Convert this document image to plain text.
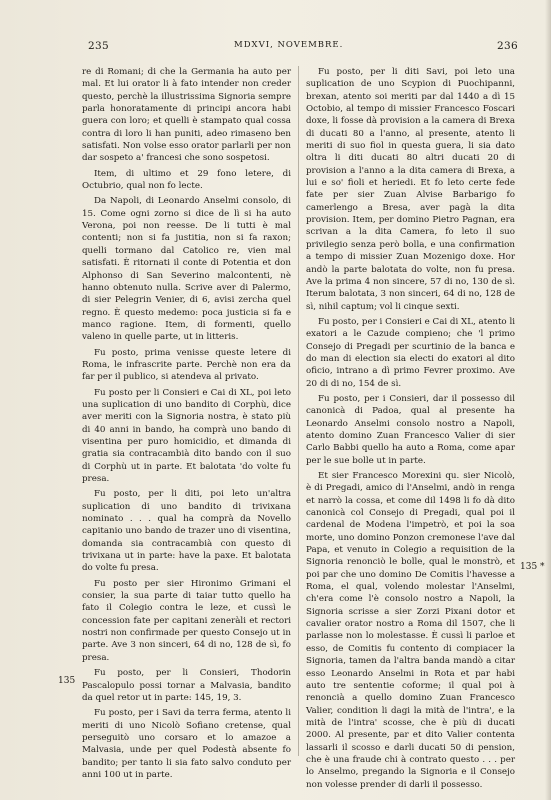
235	MDXVI, NOVEMBRE.	236

re di Romani; di che la Germania ha auto per mal. Et lui orator li à fato intender non creder questo, perchè la illustrissima Signoria sempre parla honoratamente di principi ancora habi guera con loro; et quelli è stampato qual cossa contra di loro li han puniti, adeo rimaseno ben satisfati. Non volse esso orator parlarli per non dar sospeto a' francesi che sono sospetosi.

Item, di ultimo et 29 fono letere, di Octubrio, qual non fo lecte.

Da Napoli, di Leonardo Anselmi consolo, di 15. Come ogni zorno si dice de lì si ha auto Verona, poi non reesse. De li tutti è mal contenti; non si fa justitia, non si fa raxon; quelli tormano dal Catolico re, vien mal satisfati. È ritornati il conte di Potentia et don Alphonso di San Severino malcontenti, nè hanno obtenuto nulla. Scrive aver di Palermo, di sier Pelegrin Venier, di 6, avisi zercha quel regno. È questo medemo: poca justicia si fa e manco ragione. Item, di formenti, quello valeno in quelle parte, ut in litteris.

Fu posto, prima venisse queste letere di Roma, le infrascrite parte. Perchè non era da far per il publico, si atendeva al privato.

Fu posto per li Consieri e Cai di XL, poi leto una suplication di uno bandito di Corphù, dice aver meriti con la Signoria nostra, è stato più di 40 anni in bando, ha comprà uno bando di visentina per puro homicidio, et dimanda di gratia sia contracambià dito bando con il suo di Corphù ut in parte. Et balotata 'do volte fu presa.

Fu posto, per li diti, poi leto un'altra suplication di uno bandito di trivixana nominato . . . qual ha comprà da Novello capitanio uno bando de trazer uno di visentina, domanda sia contracambià con questo di trivixana ut in parte: have la paxe. Et balotata do volte fu presa.

Fu posto per sier Hironimo Grimani el consier, la sua parte di taiar tutto quello ha fato il Colegio contra le leze, et cussì le concession fate per capitani zeneràli et rectori nostri non confirmade per questo Consejo ut in parte. Ave 3 non sinceri, 64 di no, 128 de sì, fo presa.

Fu posto, per li Consieri, Thodorin Pascalopulo possi tornar a Malvasia, bandito da quel retor ut in parte: 145, 19, 3.

Fu posto, per i Savi da terra ferma, atento li meriti di uno Nicolò Sofiano cretense, qual perseguitò uno corsaro et lo amazoe a Malvasia, unde per quel Podestà absente fo bandito; per tanto li sia fato salvo conduto per anni 100 ut in parte.

Fu posto, per li diti Savi, poi leto una suplication de uno Scypion di Puochipanni, brexan, atento soi meriti par dal 1440 a dì 15 Octobio, al tempo di missier Francesco Foscari doxe, li fosse dà provision a la camera di Brexa di ducati 80 a l'anno, al presente, atento li meriti di suo fiol in questa guera, li sia dato oltra li diti ducati 80 altri ducati 20 di provision a l'anno a la dita camera di Brexa, a lui e so' fioli et heriedi. Et fo leto certe fede fate per sier Zuan Alvise Barbarigo fo camerlengo a Bresa, aver pagà la dita provision. Item, per domino Pietro Pagnan, era scrivan a la dita Camera, fo leto il suo privilegio senza però bolla, e una confirmation a tempo di missier Zuan Mozenigo doxe. Hor andò la parte balotata do volte, non fu presa. Ave la prima 4 non sincere, 57 di no, 130 de sì. Iterum balotata, 3 non sinceri, 64 di no, 128 de sì, nihil captum; vol li cinque sexti.

Fu posto, per i Consieri e Cai di XL, atento li exatori a le Cazude compieno; che 'l primo Consejo di Pregadi per scurtinio de la banca e do man di election sia electi do exatori al dito oficio, intrano a dì primo Fevrer proximo. Ave 20 di di no, 154 de sì.

Fu posto, per i Consieri, dar il possesso dil canonicà di Padoa, qual al presente ha Leonardo Anselmi consolo nostro a Napoli, atento domino Zuan Francesco Valier di sier Carlo Babbi quello ha auto a Roma, come apar per le sue bolle ut in parte.

Et sier Francesco Morexini qu. sier Nicolò, è di Pregadi, amico di l'Anselmi, andò in renga et narrò la cossa, et come dil 1498 li fo dà dito canonicà col Consejo di Pregadi, qual poi il cardenal de Modena l'impetrò, et poi la soa morte, uno domino Ponzon cremonese l'ave dal Papa, et venuto in Colegio a requisition de la Signoria renonciò le bolle, qual le monstrò, et poi par che uno domino De Comitis l'havesse a Roma, el qual, volendo molestar l'Anselmi, ch'era come l'è consolo nostro a Napoli, la Signoria scrisse a sier Zorzi Pixani dotor et cavalier orator nostro a Roma dil 1507, che li parlasse non lo molestasse. È cussì li parloe et esso, de Comitis fu contento di compiacer la Signoria, tamen da l'altra banda mandò a citar esso Leonardo Anselmi in Rota et par habi auto tre sententie coforme; il qual poi à renoncià a quello domino Zuan Francesco Valier, condition li dagi la mità de l'intra', e la mità de l'intra' scosse, che è più di ducati 2000. Al presente, par et dito Valier contenta lassarli il scosso e darli ducati 50 di pension, che è una fraude chi à contrato questo . . . per lo Anselmo, pregando la Signoria e il Consejo non volesse prender di darli il possesso.

135
135 *
